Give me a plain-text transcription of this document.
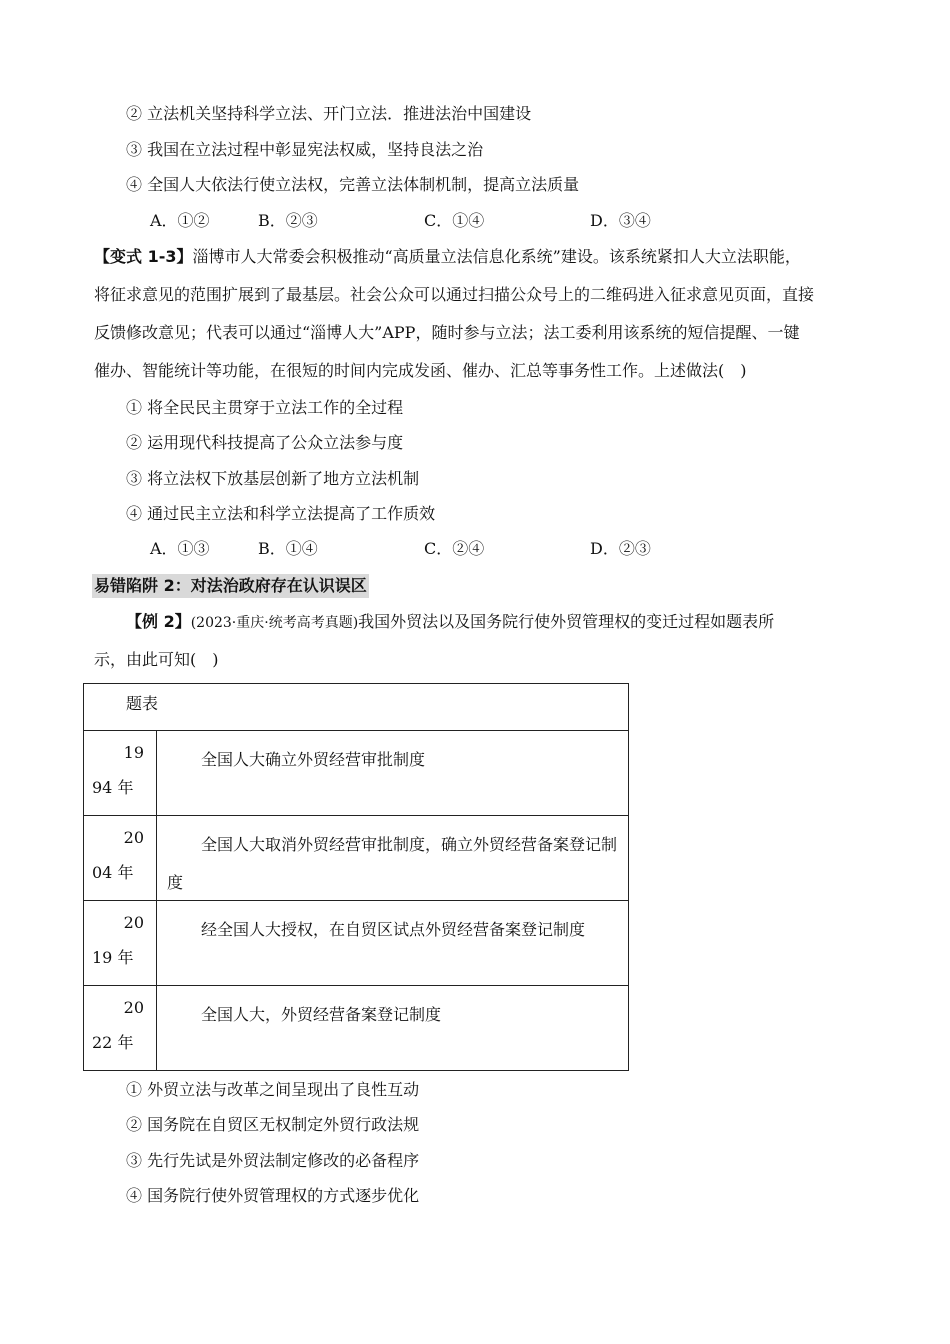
② 立法机关坚持科学立法、开门立法．推进法治中国建设
③ 我国在立法过程中彰显宪法权威，坚持良法之治
④ 全国人大依法行使立法权，完善立法体制机制，提高立法质量
A．①②	B．②③	C．①④	D．③④
【变式 1-3】淄博市人大常委会积极推动“高质量立法信息化系统”建设。该系统紧扣人大立法职能，
将征求意见的范围扩展到了最基层。社会公众可以通过扫描公众号上的二维码进入征求意见页面，直接
反馈修改意见；代表可以通过“淄博人大”APP，随时参与立法；法工委利用该系统的短信提醒、一键
催办、智能统计等功能，在很短的时间内完成发函、催办、汇总等事务性工作。上述做法(　)
① 将全民民主贯穿于立法工作的全过程
② 运用现代科技提高了公众立法参与度
③ 将立法权下放基层创新了地方立法机制
④ 通过民主立法和科学立法提高了工作质效
A．①③	B．①④	C．②④	D．②③
易错陷阱 2：对法治政府存在认识误区
【例 2】(2023·重庆·统考高考真题)我国外贸法以及国务院行使外贸管理权的变迁过程如题表所
示，由此可知(　)
题表	

19
94 年	全国人大确立外贸经营审批制度

20
04 年	全国人大取消外贸经营审批制度，确立外贸经营备案登记制度

20
19 年	经全国人大授权，在自贸区试点外贸经营备案登记制度

20
22 年	全国人大，外贸经营备案登记制度
① 外贸立法与改革之间呈现出了良性互动
② 国务院在自贸区无权制定外贸行政法规
③ 先行先试是外贸法制定修改的必备程序
④ 国务院行使外贸管理权的方式逐步优化
